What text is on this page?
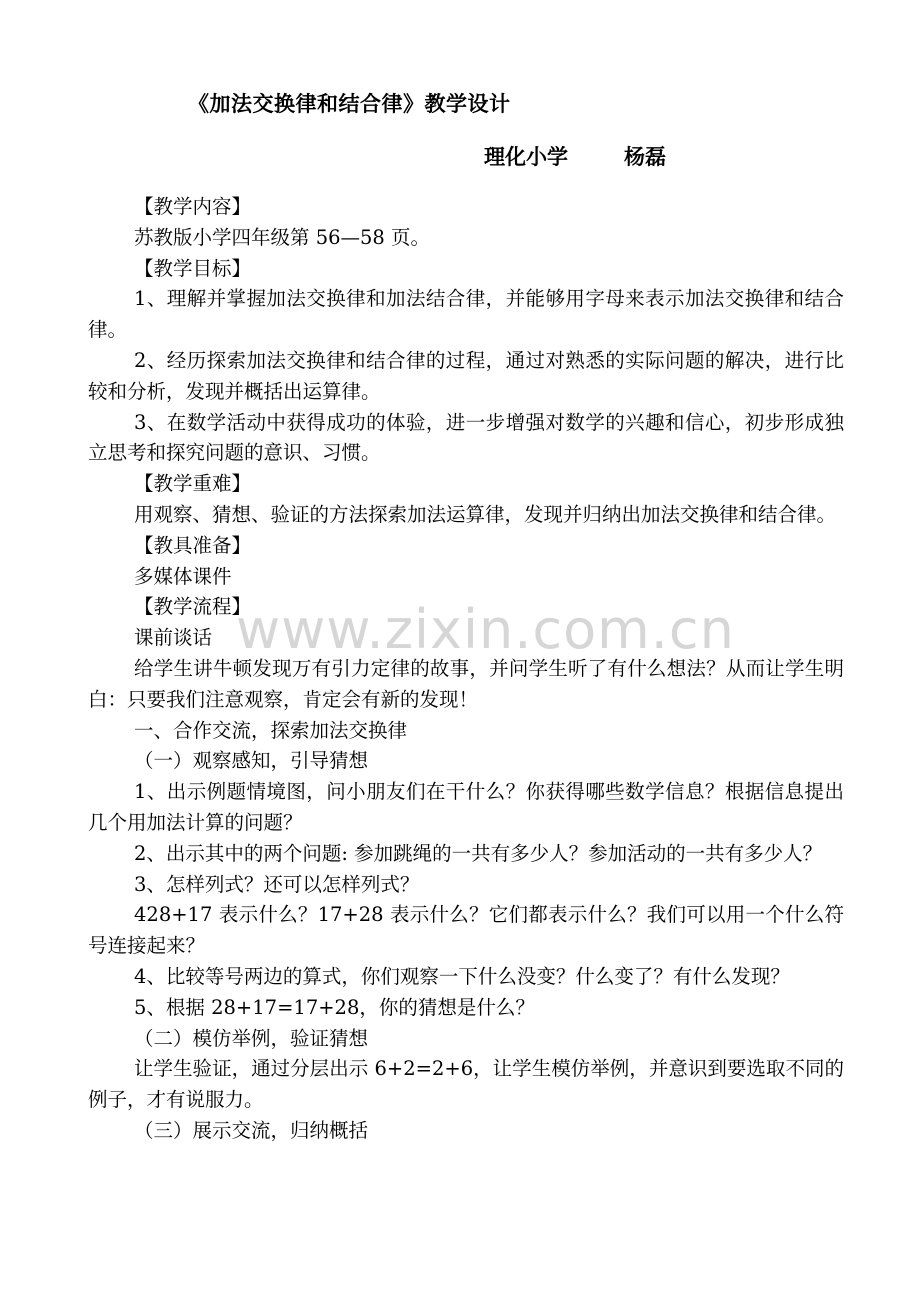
《加法交换律和结合律》教学设计
理化小学	杨磊

【教学内容】

苏教版小学四年级第 56—58 页。

【教学目标】

1、理解并掌握加法交换律和加法结合律，并能够用字母来表示加法交换律和结合律。

2、经历探索加法交换律和结合律的过程，通过对熟悉的实际问题的解决，进行比较和分析，发现并概括出运算律。

3、在数学活动中获得成功的体验，进一步增强对数学的兴趣和信心，初步形成独立思考和探究问题的意识、习惯。

【教学重难】

用观察、猜想、验证的方法探索加法运算律，发现并归纳出加法交换律和结合律。

【教具准备】

多媒体课件

【教学流程】

课前谈话

给学生讲牛顿发现万有引力定律的故事，并问学生听了有什么想法？从而让学生明白：只要我们注意观察，肯定会有新的发现！

一、合作交流，探索加法交换律

（一）观察感知，引导猜想

1、出示例题情境图，问小朋友们在干什么？你获得哪些数学信息？根据信息提出几个用加法计算的问题？

2、出示其中的两个问题: 参加跳绳的一共有多少人？参加活动的一共有多少人？

3、怎样列式？还可以怎样列式？

428+17 表示什么？17+28 表示什么？它们都表示什么？我们可以用一个什么符号连接起来？

4、比较等号两边的算式，你们观察一下什么没变？什么变了？有什么发现？

5、根据 28+17=17+28，你的猜想是什么？

（二）模仿举例，验证猜想

让学生验证，通过分层出示 6+2=2+6，让学生模仿举例，并意识到要选取不同的例子，才有说服力。

（三）展示交流，归纳概括

www.zixin.com.cn
